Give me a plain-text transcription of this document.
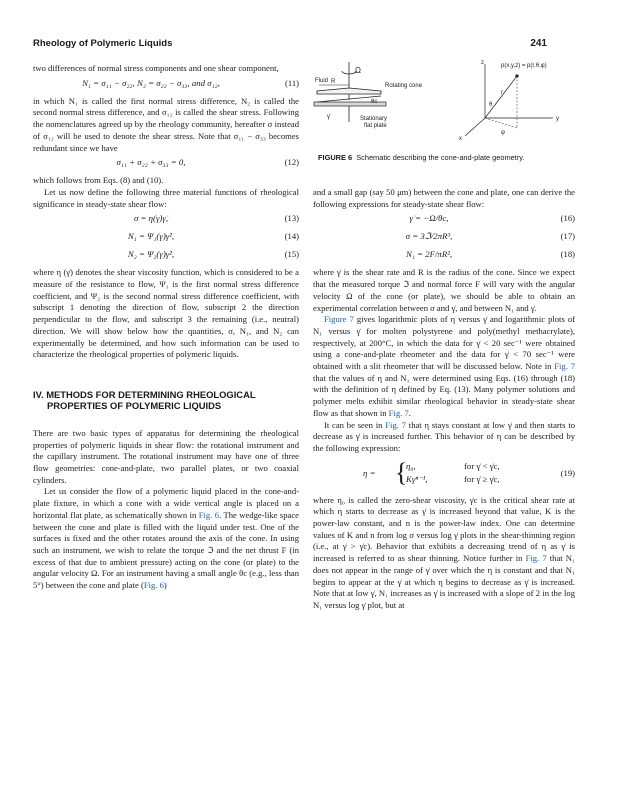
Rheology of Polymeric Liquids	241

two differences of normal stress components and one shear component,

N₁ = σ₁₁ − σ₂₂, N₂ = σ₂₂ − σ₃₃, and σ₁₂,	(11)

in which N₁ is called the first normal stress difference, N₂ is called the second normal stress difference, and σ₁₂ is called the shear stress. Following the nomenclatures agreed up by the rheology community, hereafter σ instead of σ₁₂ will be used to denote the shear stress. Note that σ₁₁ − σ₃₃ becomes redundant since we have

σ₁₁ + σ₂₂ + σ₃₃ = 0,	(12)

which follows from Eqs. (8) and (10).

Let us now define the following three material functions of rheological significance in steady-state shear flow:

σ = η(γ̇)γ̇,	(13)
N₁ = Ψ₁(γ̇)γ̇²,	(14)
N₂ = Ψ₂(γ̇)γ̇²,	(15)

where η (γ̇) denotes the shear viscosity function, which is considered to be a measure of the resistance to flow, Ψ₁ is the first normal stress difference coefficient, and Ψ₂ is the second normal stress difference coefficient, with subscript 1 denoting the direction of flow, subscript 2 the direction perpendicular to the flow, and subscript 3 the remaining (i.e., neutral) direction. We will show below how the quantities, σ, N₁, and N₂ can experimentally be determined, and how such information can be used to characterize the rheological properties of polymeric liquids.

IV. METHODS FOR DETERMINING RHEOLOGICAL PROPERTIES OF POLYMERIC LIQUIDS

There are two basic types of apparatus for determining the rheological properties of polymeric liquids in shear flow: the rotational instrument and the capillary instrument. The rotational instrument may have one of three flow geometries: cone-and-plate, two parallel plates, or two coaxial cylinders.

Let us consider the flow of a polymeric liquid placed in the cone-and-plate fixture, in which a cone with a wide vertical angle is placed on a horizontal flat plate, as schematically shown in Fig. 6. The wedge-like space between the cone and plate is filled with the liquid under test. One of the surfaces is fixed and the other rotates around the axis of the cone. In using such an instrument, we wish to relate the torque ℑ and the net thrust F (in excess of that due to ambient pressure) acting on the cone (or plate) to the angular velocity Ω. For an instrument having a small angle θc (e.g., less than 5°) between the cone and plate (Fig. 6)

Ω
R
Fluid
Rotating cone
θc
γ̇	Stationary
flat plate
z	p(x,y,z) = p(r,θ,φ)
r
θ
x
y
φ
FIGURE 6 Schematic describing the cone-and-plate geometry.

and a small gap (say 50 μm) between the cone and plate, one can derive the following expressions for steady-state shear flow:

γ̇ = −Ω/θc,	(16)
σ = 3ℑ/2πR³,	(17)
N₁ = 2F/πR²,	(18)

where γ̇ is the shear rate and R is the radius of the cone. Since we expect that the measured torque ℑ and normal force F will vary with the angular velocity Ω of the cone (or plate), we should be able to obtain an experimental correlation between σ and γ̇, and between N₁ and γ̇.

Figure 7 gives logarithmic plots of η versus γ̇ and logarithmic plots of N₁ versus γ̇ for molten polystyrene and poly(methyl methacrylate), respectively, at 200°C, in which the data for γ̇ < 20 sec⁻¹ were obtained using a cone-and-plate rheometer and the data for γ̇ < 70 sec⁻¹ were obtained with a slit rheometer that will be discussed below. Note in Fig. 7 that the values of η and N₁ were determined using Eqs. (16) through (18) with the definition of η defined by Eq. (13). Many polymer solutions and polymer melts exhibit similar rheological behavior in steady-state shear flow as that shown in Fig. 7.

It can be seen in Fig. 7 that η stays constant at low γ̇ and then starts to decrease as γ̇ is increased further. This behavior of η can be described by the following expression:

η = {
η₀,	for γ̇ < γ̇c,
Kγ̇ⁿ⁻¹,	for γ̇ ≥ γ̇c,
(19)

where η₀ is called the zero-shear viscosity, γ̇c is the critical shear rate at which η starts to decrease as γ̇ is increased beyond that value, K is the power-law constant, and n is the power-law index. One can determine values of K and n from log σ versus log γ̇ plots in the shear-thinning region (i.e., at γ̇ > γ̇c). Behavior that exhibits a decreasing trend of η as γ̇ is increased is referred to as shear thinning. Notice further in Fig. 7 that N₁ does not appear in the range of γ̇ over which the η is constant and that N₁ begins to appear at the γ̇ at which η begins to decrease as γ̇ is increased. Note that at low γ̇, N₁ increases as γ̇ is increased with a slope of 2 in the log N₁ versus log γ̇ plot, but at
